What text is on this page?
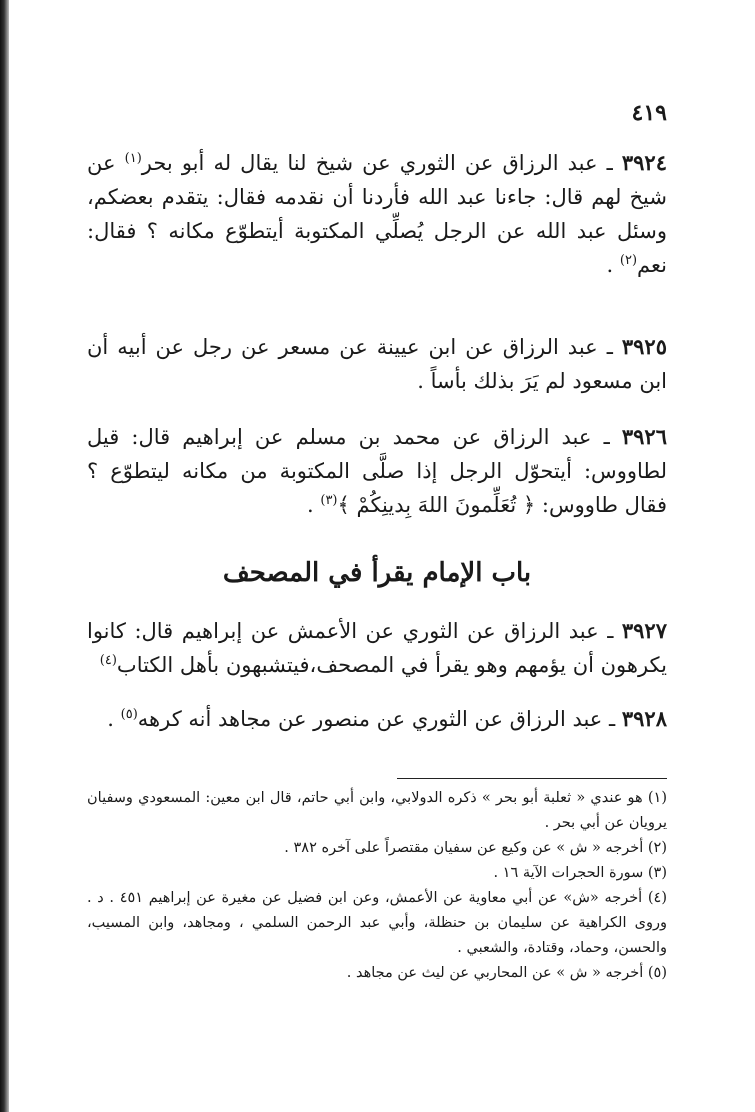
٤١٩
٣٩٢٤ ـ عبد الرزاق عن الثوري عن شيخ لنا يقال له أبو بحر$^{(١)}$ عن شيخ لهم قال: جاءنا عبد الله فأردنا أن نقدمه فقال: يتقدم بعضكم، وسئل عبد الله عن الرجل يُصلِّي المكتوبة أيتطوّع مكانه ؟ فقال: نعم$^{(٢)}$ .
٣٩٢٥ ـ عبد الرزاق عن ابن عيينة عن مسعر عن رجل عن أبيه أن ابن مسعود لم يَرَ بذلك بأساً .
٣٩٢٦ ـ عبد الرزاق عن محمد بن مسلم عن إبراهيم قال: قيل لطاووس: أيتحوّل الرجل إذا صلَّى المكتوبة من مكانه ليتطوّع ؟ فقال طاووس: ﴿ تُعَلِّمونَ اللهَ بِدينِكُمْ ﴾$^{(٣)}$ .
باب الإمام يقرأ في المصحف
٣٩٢٧ ـ عبد الرزاق عن الثوري عن الأعمش عن إبراهيم قال: كانوا يكرهون أن يؤمهم وهو يقرأ في المصحف،فيتشبهون بأهل الكتاب$^{(٤)}$
٣٩٢٨ ـ عبد الرزاق عن الثوري عن منصور عن مجاهد أنه كرهه$^{(٥)}$ .

(١) هو عندي « ثعلبة أبو بحر » ذكره الدولابي، وابن أبي حاتم، قال ابن معين: المسعودي وسفيان يرويان عن أبي بحر .

(٢) أخرجه « ش » عن وكيع عن سفيان مقتصراً على آخره ٣٨٢ .

(٣) سورة الحجرات الآية ١٦ .

(٤) أخرجه «ش» عن أبي معاوية عن الأعمش، وعن ابن فضيل عن مغيرة عن إبراهيم ٤٥١ . د . وروى الكراهية عن سليمان بن حنظلة، وأبي عبد الرحمن السلمي ، ومجاهد، وابن المسيب، والحسن، وحماد، وقتادة، والشعبي .

(٥) أخرجه « ش » عن المحاربي عن ليث عن مجاهد .
